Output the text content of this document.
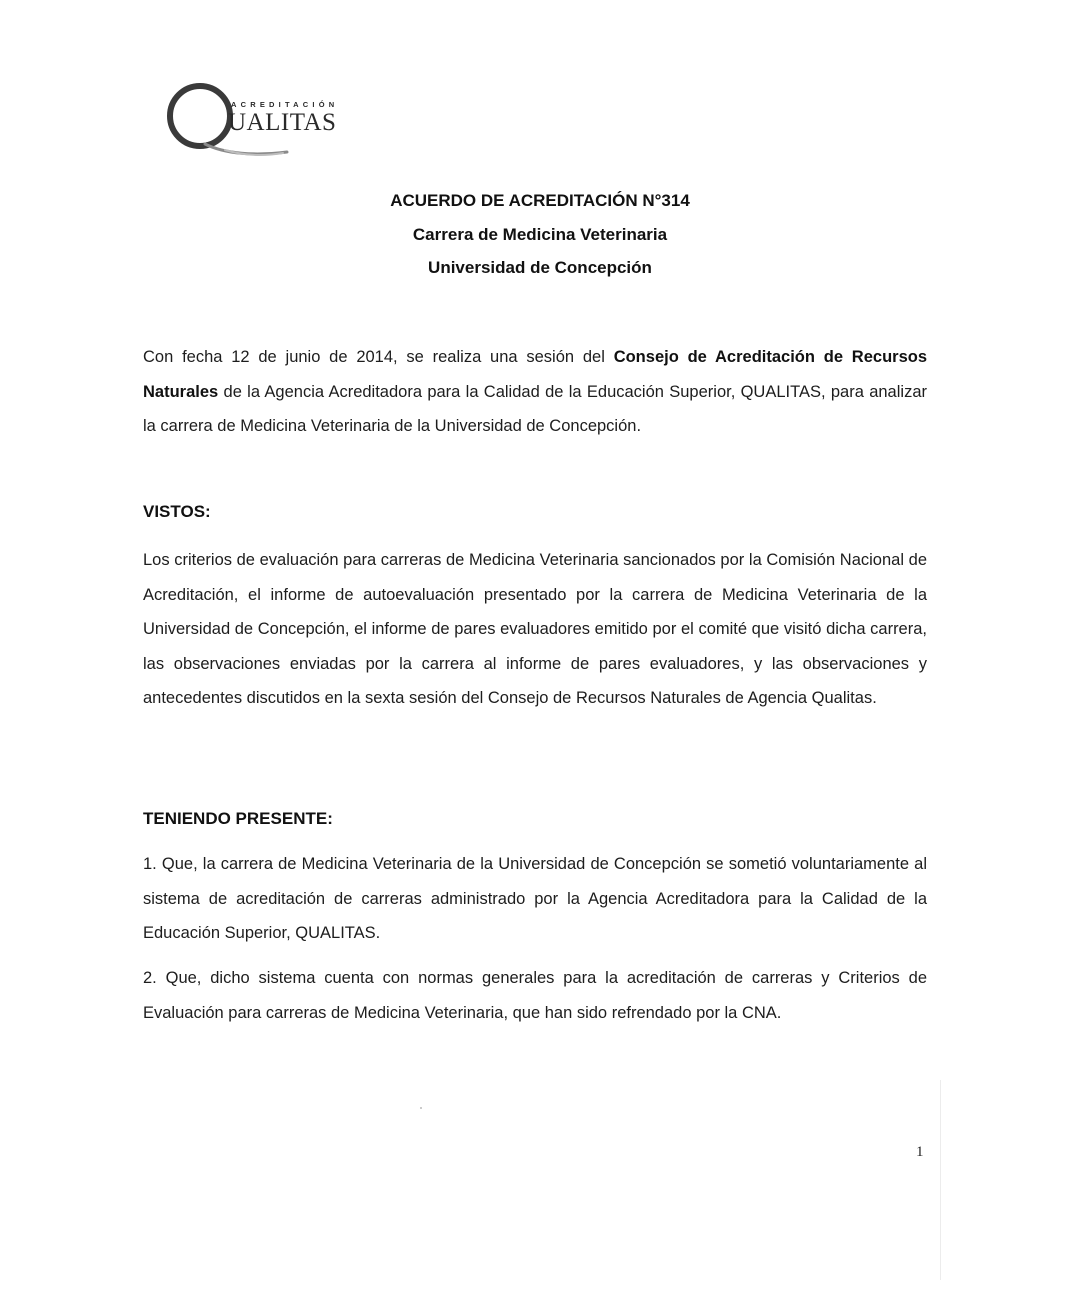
ACREDITACIÓN
UALITAS
ACUERDO DE ACREDITACIÓN N°314
Carrera de Medicina Veterinaria
Universidad de Concepción
Con fecha 12 de junio de 2014, se realiza una sesión del Consejo de Acreditación de Recursos Naturales de la Agencia Acreditadora para la Calidad de la Educación Superior, QUALITAS, para analizar la carrera de Medicina Veterinaria de la Universidad de Concepción.
VISTOS:
Los criterios de evaluación para carreras de Medicina Veterinaria sancionados por la Comisión Nacional de Acreditación, el informe de autoevaluación presentado por la carrera de Medicina Veterinaria de la Universidad de Concepción, el informe de pares evaluadores emitido por el comité que visitó dicha carrera, las observaciones enviadas por la carrera al informe de pares evaluadores, y las observaciones y antecedentes discutidos en la sexta sesión del Consejo de Recursos Naturales de Agencia Qualitas.
TENIENDO PRESENTE:
1. Que, la carrera de Medicina Veterinaria de la Universidad de Concepción se sometió voluntariamente al sistema de acreditación de carreras administrado por la Agencia Acreditadora para la Calidad de la Educación Superior, QUALITAS.
2. Que, dicho sistema cuenta con normas generales para la acreditación de carreras y Criterios de Evaluación para carreras de Medicina Veterinaria, que han sido refrendado por la CNA.
1
